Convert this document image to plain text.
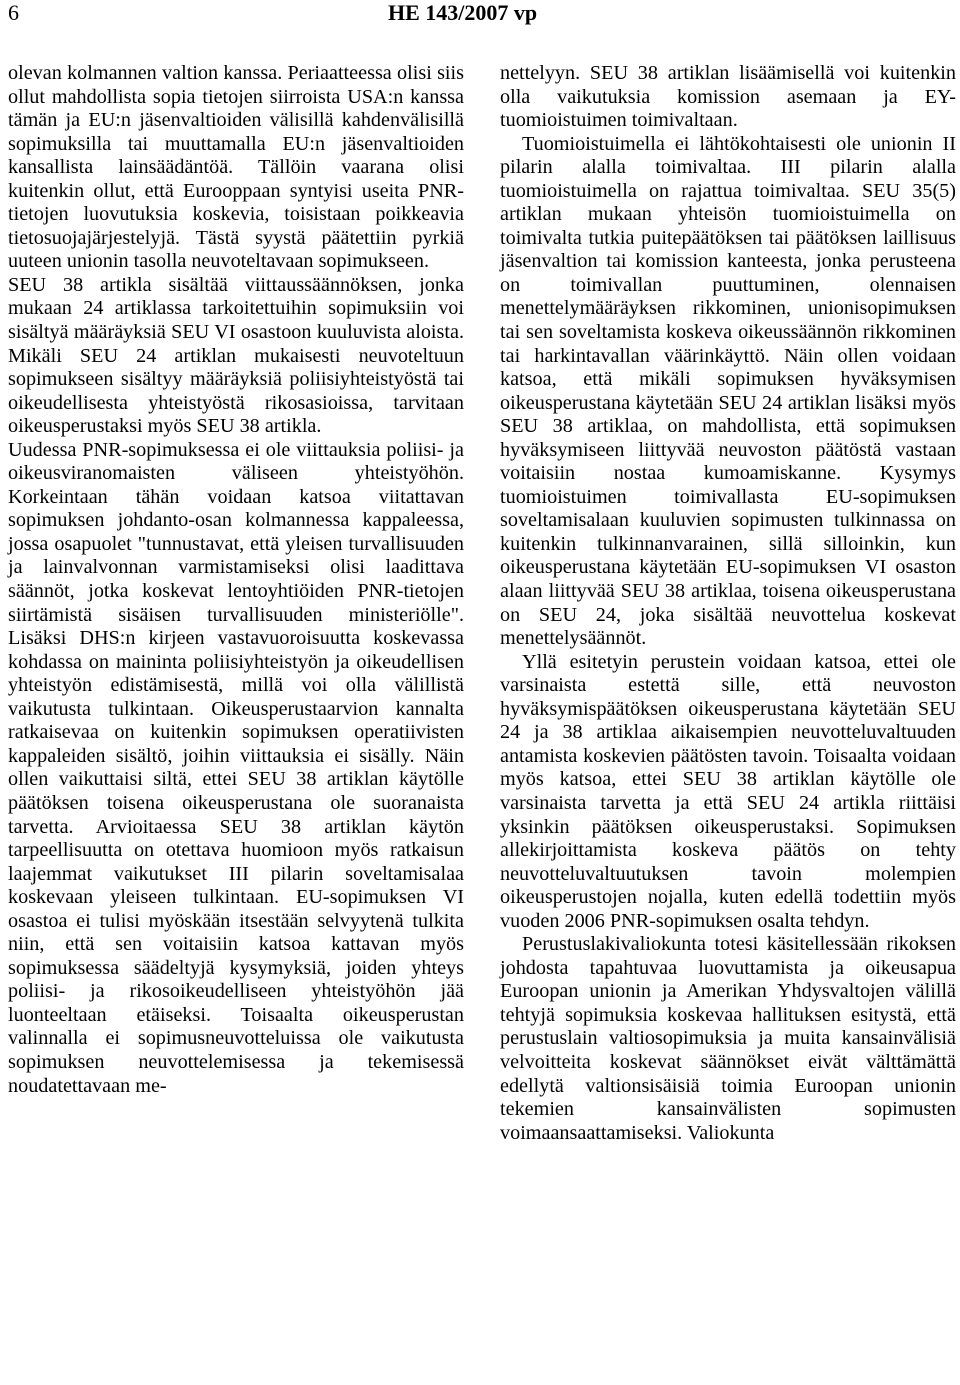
6	HE 143/2007 vp

olevan kolmannen valtion kanssa. Periaatteessa olisi siis ollut mahdollista sopia tietojen siirroista USA:n kanssa tämän ja EU:n jäsenvaltioiden välisillä kahdenvälisillä sopimuksilla tai muuttamalla EU:n jäsenvaltioiden kansallista lainsäädäntöä. Tällöin vaarana olisi kuitenkin ollut, että Eurooppaan syntyisi useita PNR-tietojen luovutuksia koskevia, toisistaan poikkeavia tietosuojajärjestelyjä. Tästä syystä päätettiin pyrkiä uuteen unionin tasolla neuvoteltavaan sopimukseen.

SEU 38 artikla sisältää viittaussäännöksen, jonka mukaan 24 artiklassa tarkoitettuihin sopimuksiin voi sisältyä määräyksiä SEU VI osastoon kuuluvista aloista. Mikäli SEU 24 artiklan mukaisesti neuvoteltuun sopimukseen sisältyy määräyksiä poliisiyhteistyöstä tai oikeudellisesta yhteistyöstä rikosasioissa, tarvitaan oikeusperustaksi myös SEU 38 artikla.

Uudessa PNR-sopimuksessa ei ole viittauksia poliisi- ja oikeusviranomaisten väliseen yhteistyöhön. Korkeintaan tähän voidaan katsoa viitattavan sopimuksen johdanto-osan kolmannessa kappaleessa, jossa osapuolet "tunnustavat, että yleisen turvallisuuden ja lainvalvonnan varmistamiseksi olisi laadittava säännöt, jotka koskevat lentoyhtiöiden PNR-tietojen siirtämistä sisäisen turvallisuuden ministeriölle". Lisäksi DHS:n kirjeen vastavuoroisuutta koskevassa kohdassa on maininta poliisiyhteistyön ja oikeudellisen yhteistyön edistämisestä, millä voi olla välillistä vaikutusta tulkintaan. Oikeusperustaarvion kannalta ratkaisevaa on kuitenkin sopimuksen operatiivisten kappaleiden sisältö, joihin viittauksia ei sisälly. Näin ollen vaikuttaisi siltä, ettei SEU 38 artiklan käytölle päätöksen toisena oikeusperustana ole suoranaista tarvetta. Arvioitaessa SEU 38 artiklan käytön tarpeellisuutta on otettava huomioon myös ratkaisun laajemmat vaikutukset III pilarin soveltamisalaa koskevaan yleiseen tulkintaan. EU-sopimuksen VI osastoa ei tulisi myöskään itsestään selvyytenä tulkita niin, että sen voitaisiin katsoa kattavan myös sopimuksessa säädeltyjä kysymyksiä, joiden yhteys poliisi- ja rikosoikeudelliseen yhteistyöhön jää luonteeltaan etäiseksi. Toisaalta oikeusperustan valinnalla ei sopimusneuvotteluissa ole vaikutusta sopimuksen neuvottelemisessa ja tekemisessä noudatettavaan me-

nettelyyn. SEU 38 artiklan lisäämisellä voi kuitenkin olla vaikutuksia komission asemaan ja EY-tuomioistuimen toimivaltaan.

Tuomioistuimella ei lähtökohtaisesti ole unionin II pilarin alalla toimivaltaa. III pilarin alalla tuomioistuimella on rajattua toimivaltaa. SEU 35(5) artiklan mukaan yhteisön tuomioistuimella on toimivalta tutkia puitepäätöksen tai päätöksen laillisuus jäsenvaltion tai komission kanteesta, jonka perusteena on toimivallan puuttuminen, olennaisen menettelymääräyksen rikkominen, unionisopimuksen tai sen soveltamista koskeva oikeussäännön rikkominen tai harkintavallan väärinkäyttö. Näin ollen voidaan katsoa, että mikäli sopimuksen hyväksymisen oikeusperustana käytetään SEU 24 artiklan lisäksi myös SEU 38 artiklaa, on mahdollista, että sopimuksen hyväksymiseen liittyvää neuvoston päätöstä vastaan voitaisiin nostaa kumoamiskanne. Kysymys tuomioistuimen toimivallasta EU-sopimuksen soveltamisalaan kuuluvien sopimusten tulkinnassa on kuitenkin tulkinnanvarainen, sillä silloinkin, kun oikeusperustana käytetään EU-sopimuksen VI osaston alaan liittyvää SEU 38 artiklaa, toisena oikeusperustana on SEU 24, joka sisältää neuvottelua koskevat menettelysäännöt.

Yllä esitetyin perustein voidaan katsoa, ettei ole varsinaista estettä sille, että neuvoston hyväksymispäätöksen oikeusperustana käytetään SEU 24 ja 38 artiklaa aikaisempien neuvotteluvaltuuden antamista koskevien päätösten tavoin. Toisaalta voidaan myös katsoa, ettei SEU 38 artiklan käytölle ole varsinaista tarvetta ja että SEU 24 artikla riittäisi yksinkin päätöksen oikeusperustaksi. Sopimuksen allekirjoittamista koskeva päätös on tehty neuvotteluvaltuutuksen tavoin molempien oikeusperustojen nojalla, kuten edellä todettiin myös vuoden 2006 PNR-sopimuksen osalta tehdyn.

Perustuslakivaliokunta totesi käsitellessään rikoksen johdosta tapahtuvaa luovuttamista ja oikeusapua Euroopan unionin ja Amerikan Yhdysvaltojen välillä tehtyjä sopimuksia koskevaa hallituksen esitystä, että perustuslain valtiosopimuksia ja muita kansainvälisiä velvoitteita koskevat säännökset eivät välttämättä edellytä valtionsisäisiä toimia Euroopan unionin tekemien kansainvälisten sopimusten voimaansaattamiseksi. Valiokunta
